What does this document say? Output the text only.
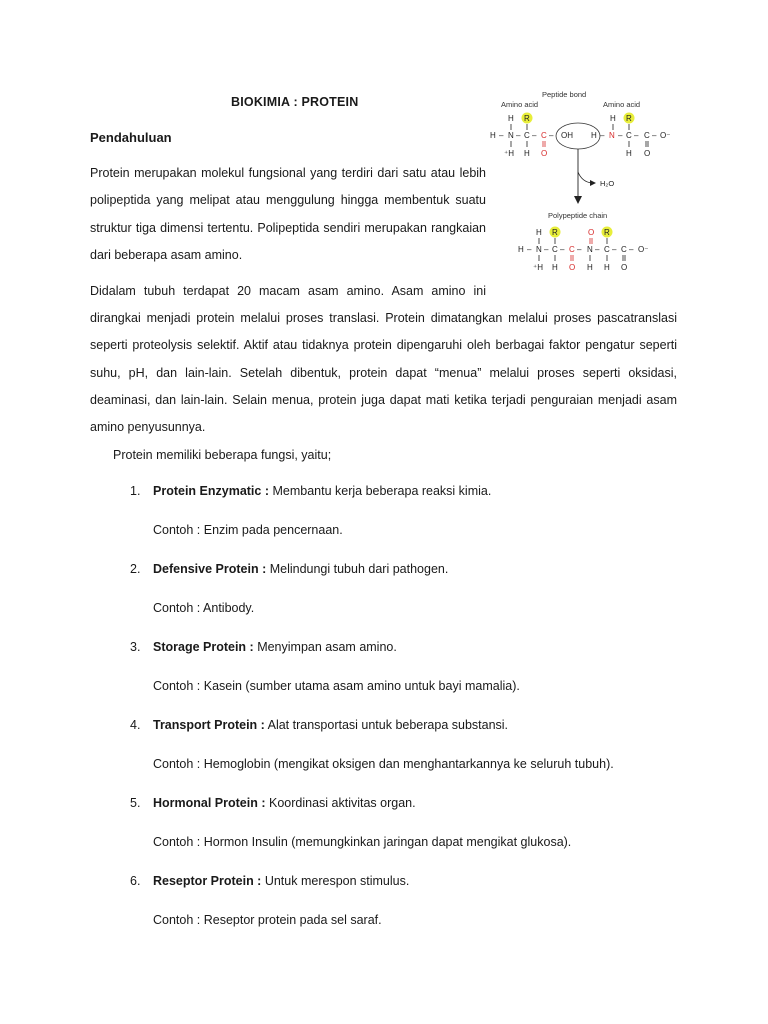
BIOKIMIA : PROTEIN
Pendahuluan

Protein merupakan molekul fungsional yang terdiri dari satu atau lebih polipeptida yang melipat atau menggulung hingga membentuk suatu struktur tiga dimensi tertentu. Polipeptida sendiri merupakan rangkaian dari beberapa asam amino.

Didalam tubuh terdapat 20 macam asam amino. Asam amino ini

dirangkai menjadi protein melalui proses translasi. Protein dimatangkan melalui proses pascatranslasi seperti proteolysis selektif. Aktif atau tidaknya protein dipengaruhi oleh berbagai faktor pengatur seperti suhu, pH, dan lain-lain. Setelah dibentuk, protein dapat “menua” melalui proses seperti oksidasi, deaminasi, dan lain-lain. Selain menua, protein juga dapat mati ketika terjadi penguraian menjadi asam amino penyusunnya.

Protein memiliki beberapa fungsi, yaitu;
1. Protein Enzymatic : Membantu kerja beberapa reaksi kimia.
Contoh : Enzim pada pencernaan.
2. Defensive Protein : Melindungi tubuh dari pathogen.
Contoh : Antibody.
3. Storage Protein : Menyimpan asam amino.
Contoh : Kasein (sumber utama asam amino untuk bayi mamalia).
4. Transport Protein : Alat transportasi untuk beberapa substansi.
Contoh : Hemoglobin (mengikat oksigen dan menghantarkannya ke seluruh tubuh).
5. Hormonal Protein : Koordinasi aktivitas organ.
Contoh : Hormon Insulin (memungkinkan jaringan dapat mengikat glukosa).
6. Reseptor Protein : Untuk merespon stimulus.
Contoh : Reseptor protein pada sel saraf.
Peptide bond
Amino acid	Amino acid
H R
H – N – C – C – OH
⁺H H O
H R
H – N – C – C – O⁻
H O
H₂O
Polypeptide chain
H R	O R
H – N – C – C – N – C – C – O⁻
⁺H H O H H O
